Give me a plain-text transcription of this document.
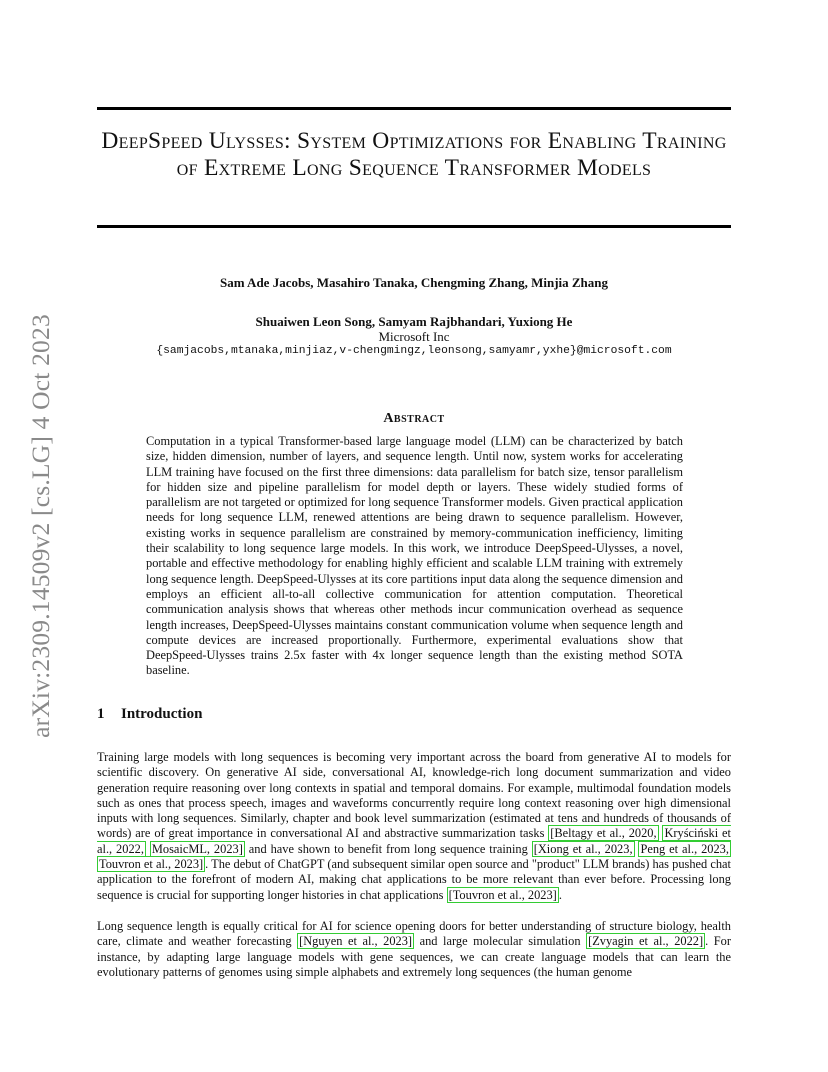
arXiv:2309.14509v2 [cs.LG] 4 Oct 2023
DeepSpeed Ulysses: System Optimizations for Enabling Training of Extreme Long Sequence Transformer Models
Sam Ade Jacobs, Masahiro Tanaka, Chengming Zhang, Minjia Zhang
Shuaiwen Leon Song, Samyam Rajbhandari, Yuxiong He
Microsoft Inc
{samjacobs,mtanaka,minjiaz,v-chengmingz,leonsong,samyamr,yxhe}@microsoft.com
Abstract
Computation in a typical Transformer-based large language model (LLM) can be characterized by batch size, hidden dimension, number of layers, and sequence length. Until now, system works for accelerating LLM training have focused on the first three dimensions: data parallelism for batch size, tensor parallelism for hidden size and pipeline parallelism for model depth or layers. These widely studied forms of parallelism are not targeted or optimized for long sequence Transformer models. Given practical application needs for long sequence LLM, renewed attentions are being drawn to sequence parallelism. However, existing works in sequence parallelism are constrained by memory-communication inefficiency, limiting their scalability to long sequence large models. In this work, we introduce DeepSpeed-Ulysses, a novel, portable and effective methodology for enabling highly efficient and scalable LLM training with extremely long sequence length. DeepSpeed-Ulysses at its core partitions input data along the sequence dimension and employs an efficient all-to-all collective communication for attention computation. Theoretical communication analysis shows that whereas other methods incur communication overhead as sequence length increases, DeepSpeed-Ulysses maintains constant communication volume when sequence length and compute devices are increased proportionally. Furthermore, experimental evaluations show that DeepSpeed-Ulysses trains 2.5x faster with 4x longer sequence length than the existing method SOTA baseline.
1 Introduction

Training large models with long sequences is becoming very important across the board from generative AI to models for scientific discovery. On generative AI side, conversational AI, knowledge-rich long document summarization and video generation require reasoning over long contexts in spatial and temporal domains. For example, multimodal foundation models such as ones that process speech, images and waveforms concurrently require long context reasoning over high dimensional inputs with long sequences. Similarly, chapter and book level summarization (estimated at tens and hundreds of thousands of words) are of great importance in conversational AI and abstractive summarization tasks [Beltagy et al., 2020, Kryściński et al., 2022, MosaicML, 2023] and have shown to benefit from long sequence training [Xiong et al., 2023, Peng et al., 2023, Touvron et al., 2023] . The debut of ChatGPT (and subsequent similar open source and "product" LLM brands) has pushed chat application to the forefront of modern AI, making chat applications to be more relevant than ever before. Processing long sequence is crucial for supporting longer histories in chat applications [Touvron et al., 2023] .

Long sequence length is equally critical for AI for science opening doors for better understanding of structure biology, health care, climate and weather forecasting [Nguyen et al., 2023] and large molecular simulation [Zvyagin et al., 2022] . For instance, by adapting large language models with gene sequences, we can create language models that can learn the evolutionary patterns of genomes using simple alphabets and extremely long sequences (the human genome
